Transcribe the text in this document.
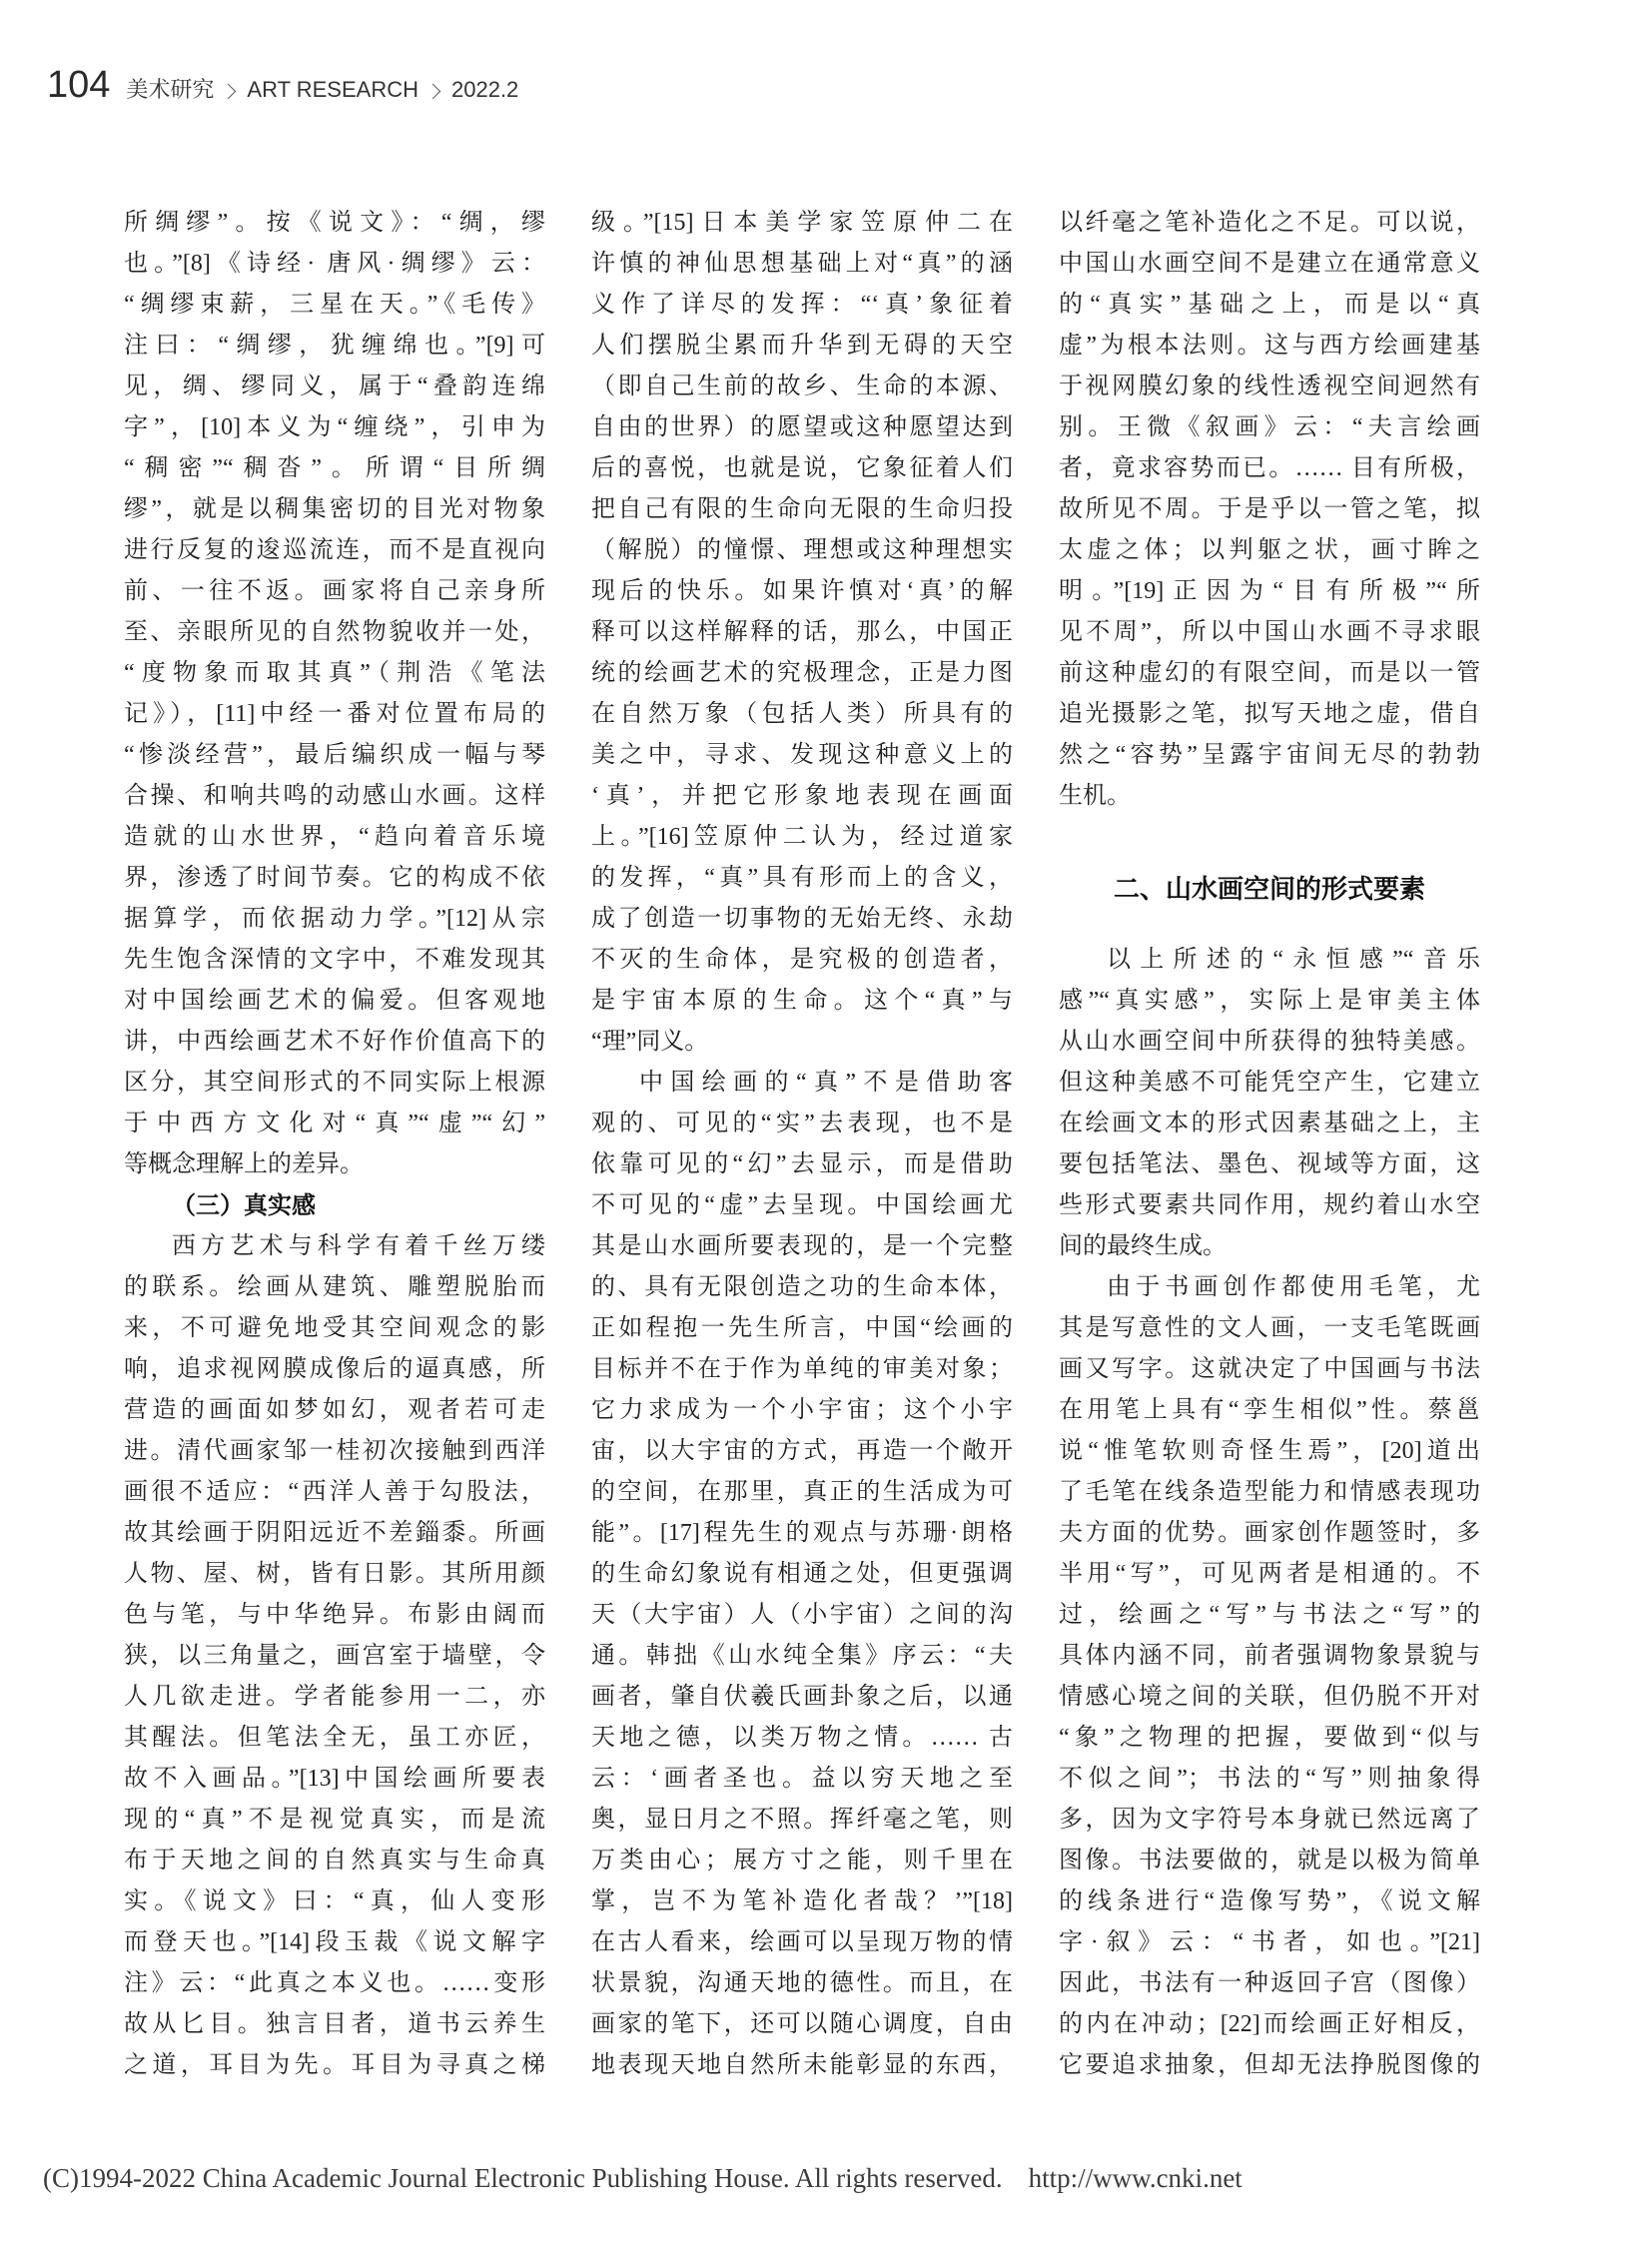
104 美术研究 ART RESEARCH 2022.2
所绸缪”。按《说文》：“绸，缪
也。”[8]《诗经· 唐风·绸缪》云：
“绸缪束薪，三星在天。”《毛传》
注曰：“绸缪，犹缠绵也。”[9]可
见，绸、缪同义，属于“叠韵连绵
字”，[10]本义为“缠绕”，引申为
“稠密”“稠沓”。所谓“目所绸
缪”，就是以稠集密切的目光对物象
进行反复的逡巡流连，而不是直视向
前、一往不返。画家将自己亲身所
至、亲眼所见的自然物貌收并一处，
“度物象而取其真”（荆浩《笔法
记》），[11]中经一番对位置布局的
“惨淡经营”，最后编织成一幅与琴
合操、和响共鸣的动感山水画。这样
造就的山水世界，“趋向着音乐境
界，渗透了时间节奏。它的构成不依
据算学，而依据动力学。”[12]从宗
先生饱含深情的文字中，不难发现其
对中国绘画艺术的偏爱。但客观地
讲，中西绘画艺术不好作价值高下的
区分，其空间形式的不同实际上根源
于中西方文化对“真”“虚”“幻”
等概念理解上的差异。
（三）真实感
西方艺术与科学有着千丝万缕
的联系。绘画从建筑、雕塑脱胎而
来，不可避免地受其空间观念的影
响，追求视网膜成像后的逼真感，所
营造的画面如梦如幻，观者若可走
进。清代画家邹一桂初次接触到西洋
画很不适应：“西洋人善于勾股法，
故其绘画于阴阳远近不差錙黍。所画
人物、屋、树，皆有日影。其所用颜
色与笔，与中华绝异。布影由阔而
狭，以三角量之，画宫室于墙壁，令
人几欲走进。学者能参用一二，亦
其醒法。但笔法全无，虽工亦匠，
故不入画品。”[13]中国绘画所要表
现的“真”不是视觉真实，而是流
布于天地之间的自然真实与生命真
实。《说文》曰：“真，仙人变形
而登天也。”[14]段玉裁《说文解字
注》云：“此真之本义也。……变形
故从匕目。独言目者，道书云养生
之道，耳目为先。耳目为寻真之梯
级。”[15]日本美学家笠原仲二在
许慎的神仙思想基础上对“真”的涵
义作了详尽的发挥：“‘真’象征着
人们摆脱尘累而升华到无碍的天空
（即自己生前的故乡、生命的本源、
自由的世界）的愿望或这种愿望达到
后的喜悦，也就是说，它象征着人们
把自己有限的生命向无限的生命归投
（解脱）的憧憬、理想或这种理想实
现后的快乐。如果许慎对‘真’的解
释可以这样解释的话，那么，中国正
统的绘画艺术的究极理念，正是力图
在自然万象（包括人类）所具有的
美之中，寻求、发现这种意义上的
‘真’，并把它形象地表现在画面
上。”[16]笠原仲二认为，经过道家
的发挥，“真”具有形而上的含义，
成了创造一切事物的无始无终、永劫
不灭的生命体，是究极的创造者，
是宇宙本原的生命。这个“真”与
“理”同义。
中国绘画的“真”不是借助客
观的、可见的“实”去表现，也不是
依靠可见的“幻”去显示，而是借助
不可见的“虚”去呈现。中国绘画尤
其是山水画所要表现的，是一个完整
的、具有无限创造之功的生命本体，
正如程抱一先生所言，中国“绘画的
目标并不在于作为单纯的审美对象；
它力求成为一个小宇宙；这个小宇
宙，以大宇宙的方式，再造一个敞开
的空间，在那里，真正的生活成为可
能”。[17]程先生的观点与苏珊·朗格
的生命幻象说有相通之处，但更强调
天（大宇宙）人（小宇宙）之间的沟
通。韩拙《山水纯全集》序云：“夫
画者，肇自伏羲氏画卦象之后，以通
天地之德，以类万物之情。…… 古
云：‘画者圣也。益以穷天地之至
奥，显日月之不照。挥纤毫之笔，则
万类由心；展方寸之能，则千里在
掌，岂不为笔补造化者哉？’”[18]
在古人看来，绘画可以呈现万物的情
状景貌，沟通天地的德性。而且，在
画家的笔下，还可以随心调度，自由
地表现天地自然所未能彰显的东西，
以纤毫之笔补造化之不足。可以说，
中国山水画空间不是建立在通常意义
的“真实”基础之上，而是以“真
虚”为根本法则。这与西方绘画建基
于视网膜幻象的线性透视空间迥然有
别。王微《叙画》云：“夫言绘画
者，竟求容势而已。…… 目有所极，
故所见不周。于是乎以一管之笔，拟
太虚之体；以判躯之状，画寸眸之
明。”[19]正因为“目有所极”“所
见不周”，所以中国山水画不寻求眼
前这种虚幻的有限空间，而是以一管
追光摄影之笔，拟写天地之虚，借自
然之“容势”呈露宇宙间无尽的勃勃
生机。
二、山水画空间的形式要素
以上所述的“永恒感”“音乐
感”“真实感”，实际上是审美主体
从山水画空间中所获得的独特美感。
但这种美感不可能凭空产生，它建立
在绘画文本的形式因素基础之上，主
要包括笔法、墨色、视域等方面，这
些形式要素共同作用，规约着山水空
间的最终生成。
由于书画创作都使用毛笔，尤
其是写意性的文人画，一支毛笔既画
画又写字。这就决定了中国画与书法
在用笔上具有“孪生相似”性。蔡邕
说“惟笔软则奇怪生焉”，[20]道出
了毛笔在线条造型能力和情感表现功
夫方面的优势。画家创作题签时，多
半用“写”，可见两者是相通的。不
过，绘画之“写”与书法之“写”的
具体内涵不同，前者强调物象景貌与
情感心境之间的关联，但仍脱不开对
“象”之物理的把握，要做到“似与
不似之间”；书法的“写”则抽象得
多，因为文字符号本身就已然远离了
图像。书法要做的，就是以极为简单
的线条进行“造像写势”，《说文解
字·叙》云：“书者，如也。”[21]
因此，书法有一种返回子宫（图像）
的内在冲动；[22]而绘画正好相反，
它要追求抽象，但却无法挣脱图像的
(C)1994-2022 China Academic Journal Electronic Publishing House. All rights reserved. http://www.cnki.net
